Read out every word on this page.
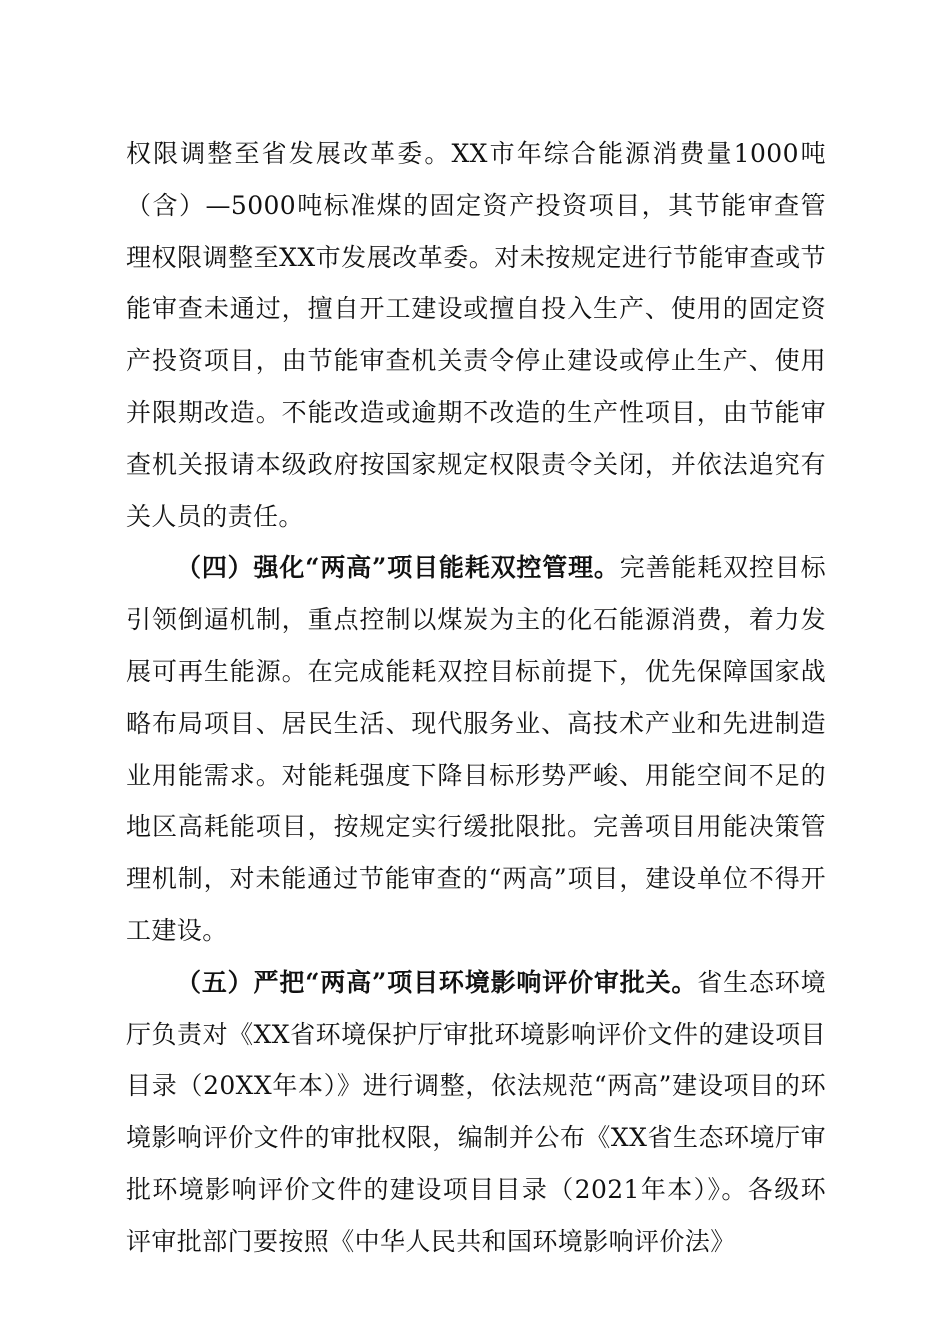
权限调整至省发展改革委。XX市年综合能源消费量1000吨（含）—5000吨标准煤的固定资产投资项目，其节能审查管理权限调整至XX市发展改革委。对未按规定进行节能审查或节能审查未通过，擅自开工建设或擅自投入生产、使用的固定资产投资项目，由节能审查机关责令停止建设或停止生产、使用并限期改造。不能改造或逾期不改造的生产性项目，由节能审查机关报请本级政府按国家规定权限责令关闭，并依法追究有关人员的责任。

（四）强化“两高”项目能耗双控管理。完善能耗双控目标引领倒逼机制，重点控制以煤炭为主的化石能源消费，着力发展可再生能源。在完成能耗双控目标前提下，优先保障国家战略布局项目、居民生活、现代服务业、高技术产业和先进制造业用能需求。对能耗强度下降目标形势严峻、用能空间不足的地区高耗能项目，按规定实行缓批限批。完善项目用能决策管理机制，对未能通过节能审查的“两高”项目，建设单位不得开工建设。

（五）严把“两高”项目环境影响评价审批关。省生态环境厅负责对《XX省环境保护厅审批环境影响评价文件的建设项目目录（20XX年本）》进行调整，依法规范“两高”建设项目的环境影响评价文件的审批权限，编制并公布《XX省生态环境厅审批环境影响评价文件的建设项目目录（2021年本）》。各级环评审批部门要按照《中华人民共和国环境影响评价法》
